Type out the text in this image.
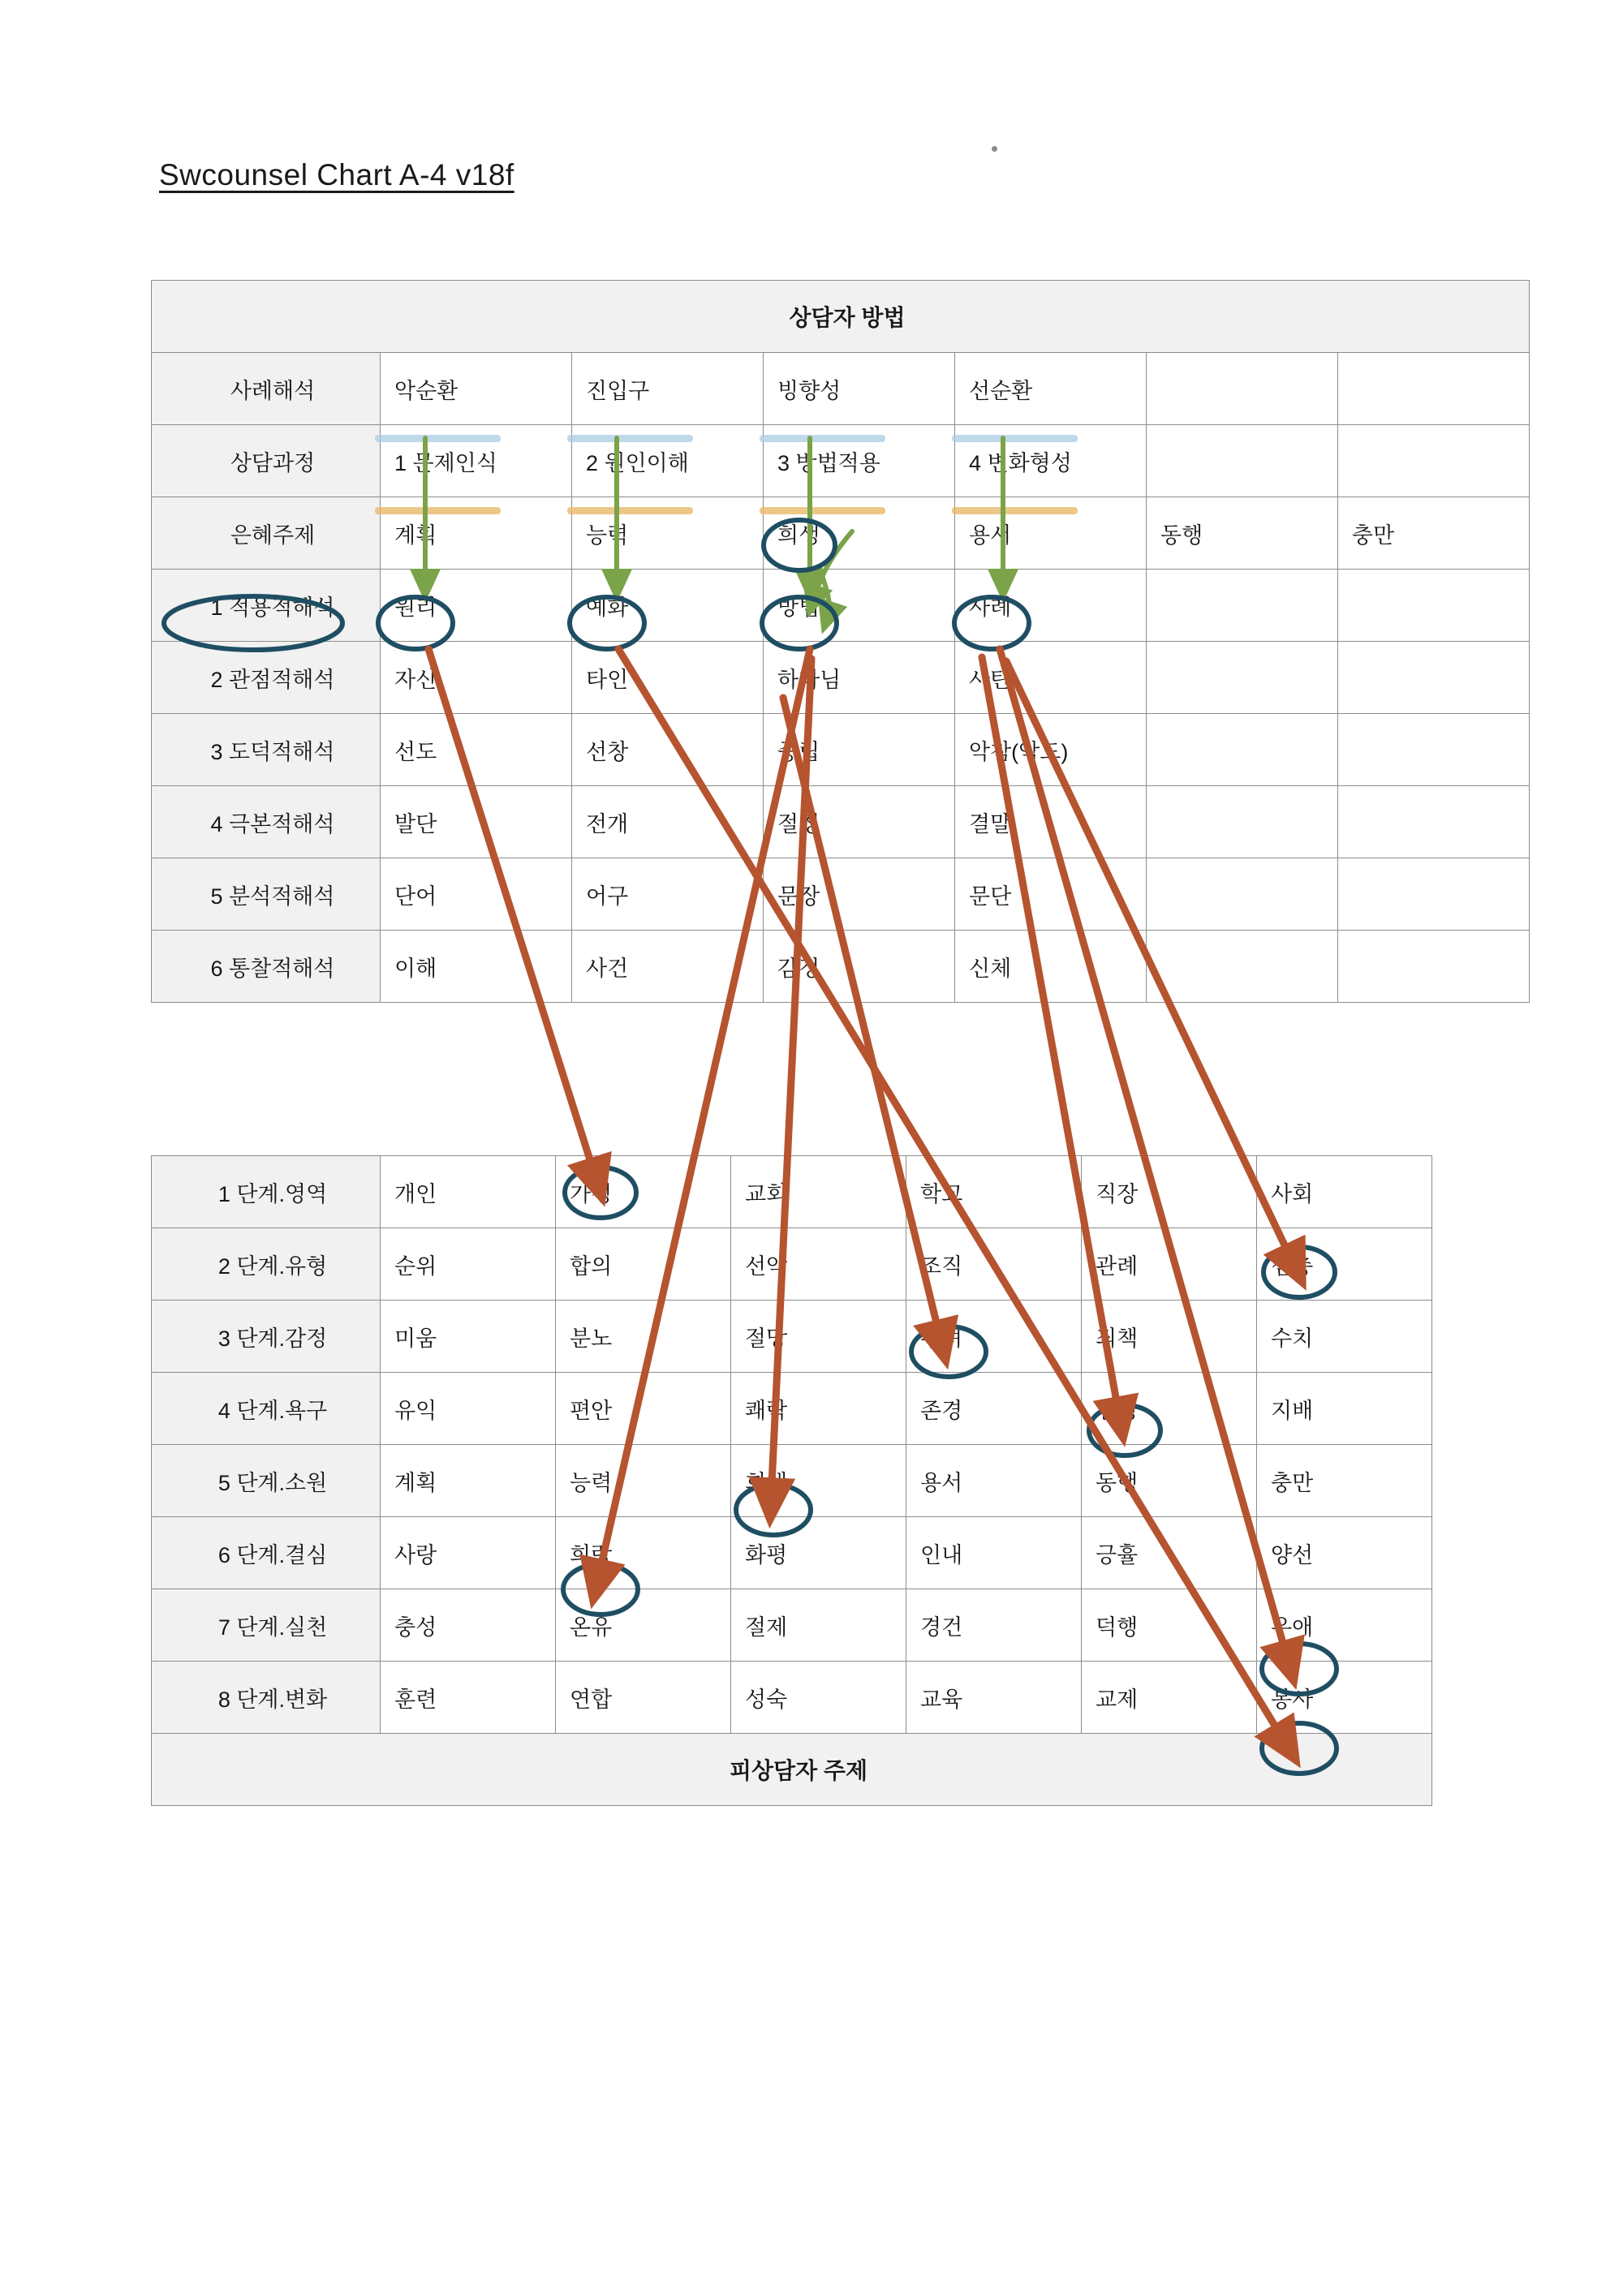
Swcounsel Chart A-4 v18f
상담자 방법						
사례해석	악순환	진입구	빙향성	선순환		
상담과정	1 문제인식	2 원인이해	3 방법적용	4 변화형성		
은혜주제	계획	능력	희생	용서	동행	충만
1 적용적해석	원리	예화	방법	사례		
2 관점적해석	자신	타인	하나님	사탄		
3 도덕적해석	선도	선창	중립	악참(악도)		
4 극본적해석	발단	전개	절정	결말		
5 분석적해석	단어	어구	문장	문단		
6 통찰적해석	이해	사건	감정	신체		
1 단계.영역	개인	가정	교회	학교	직장	사회
2 단계.유형	순위	합의	선악	조직	관례	심층
3 단계.감정	미움	분노	절망	두려	죄책	수치
4 단계.욕구	유익	편안	쾌락	존경	인정	지배
5 단계.소원	계획	능력	희생	용서	동행	충만
6 단계.결심	사랑	희락	화평	인내	긍휼	양선
7 단계.실천	충성	온유	절제	경건	덕행	우애
8 단계.변화	훈련	연합	성숙	교육	교제	봉사
피상담자 주제						
